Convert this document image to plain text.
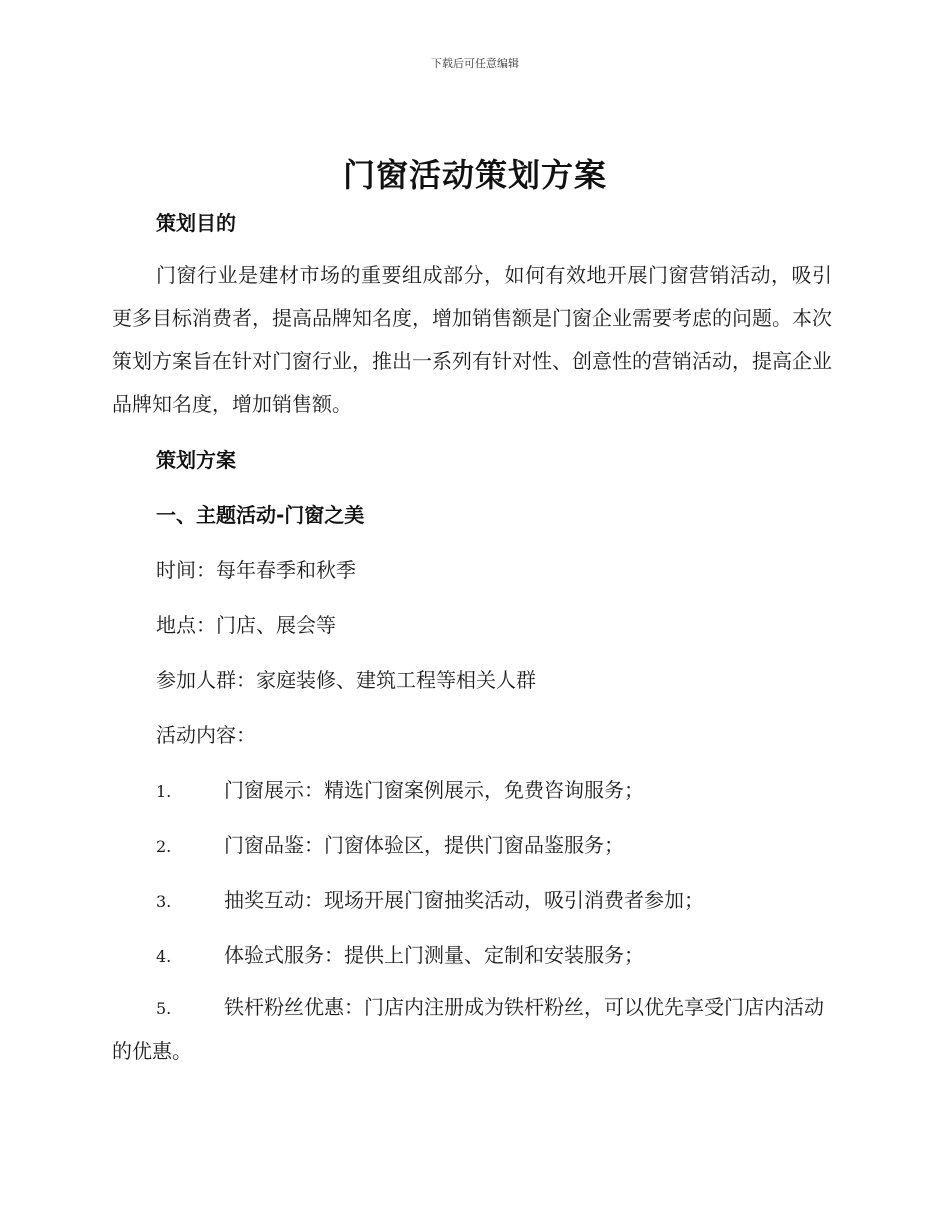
下载后可任意编辑
门窗活动策划方案
策划目的
门窗行业是建材市场的重要组成部分，如何有效地开展门窗营销活动，吸引更多目标消费者，提高品牌知名度，增加销售额是门窗企业需要考虑的问题。本次策划方案旨在针对门窗行业，推出一系列有针对性、创意性的营销活动，提高企业品牌知名度，增加销售额。
策划方案
一、主题活动-门窗之美
时间：每年春季和秋季
地点：门店、展会等
参加人群：家庭装修、建筑工程等相关人群
活动内容：
1.	门窗展示：精选门窗案例展示，免费咨询服务；
2.	门窗品鉴：门窗体验区，提供门窗品鉴服务；
3.	抽奖互动：现场开展门窗抽奖活动，吸引消费者参加；
4.	体验式服务：提供上门测量、定制和安装服务；
5.	铁杆粉丝优惠：门店内注册成为铁杆粉丝，可以优先享受门店内活动的优惠。
